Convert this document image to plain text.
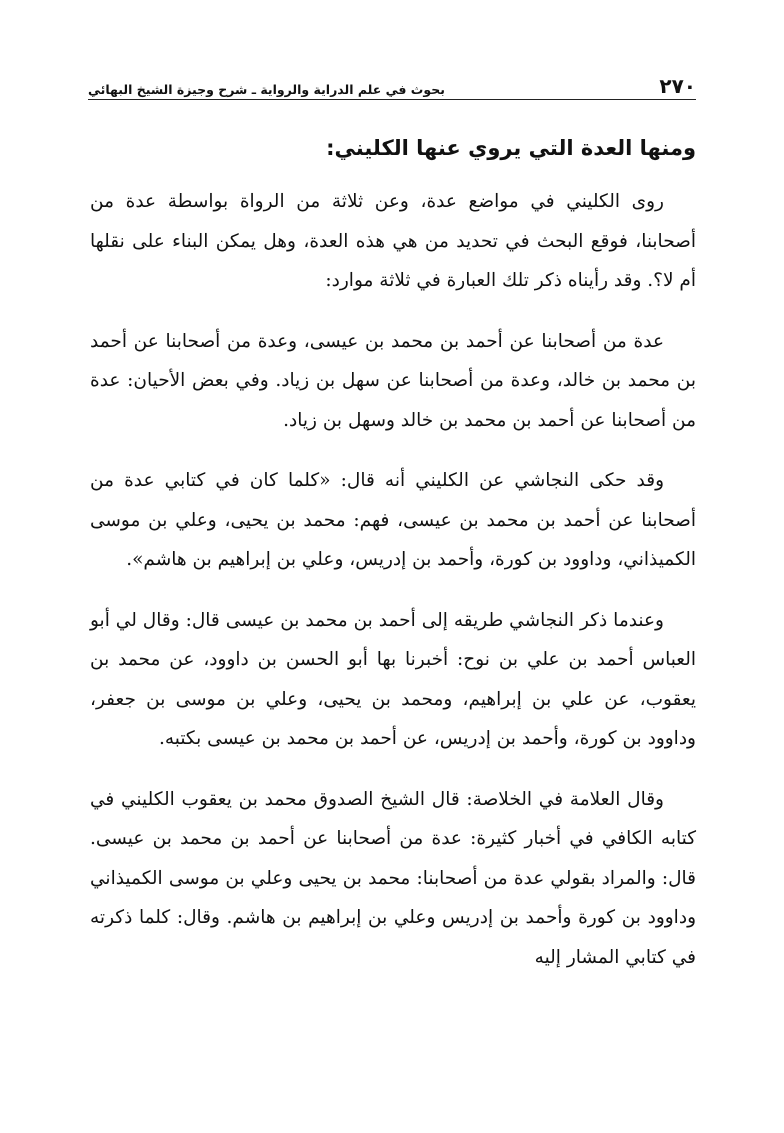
٢٧٠
بحوث في علم الدراية والرواية ـ شرح وجيزة الشيخ البهائي
ومنها العدة التي يروي عنها الكليني:

روى الكليني في مواضع عدة، وعن ثلاثة من الرواة بواسطة عدة من أصحابنا، فوقع البحث في تحديد من هي هذه العدة، وهل يمكن البناء على نقلها أم لا؟. وقد رأيناه ذكر تلك العبارة في ثلاثة موارد:

عدة من أصحابنا عن أحمد بن محمد بن عيسى، وعدة من أصحابنا عن أحمد بن محمد بن خالد، وعدة من أصحابنا عن سهل بن زياد. وفي بعض الأحيان: عدة من أصحابنا عن أحمد بن محمد بن خالد وسهل بن زياد.

وقد حكى النجاشي عن الكليني أنه قال: «كلما كان في كتابي عدة من أصحابنا عن أحمد بن محمد بن عيسى، فهم: محمد بن يحيى، وعلي بن موسى الكميذاني، وداوود بن كورة، وأحمد بن إدريس، وعلي بن إبراهيم بن هاشم».

وعندما ذكر النجاشي طريقه إلى أحمد بن محمد بن عيسى قال: وقال لي أبو العباس أحمد بن علي بن نوح: أخبرنا بها أبو الحسن بن داوود، عن محمد بن يعقوب، عن علي بن إبراهيم، ومحمد بن يحيى، وعلي بن موسى بن جعفر، وداوود بن كورة، وأحمد بن إدريس، عن أحمد بن محمد بن عيسى بكتبه.

وقال العلامة في الخلاصة: قال الشيخ الصدوق محمد بن يعقوب الكليني في كتابه الكافي في أخبار كثيرة: عدة من أصحابنا عن أحمد بن محمد بن عيسى. قال: والمراد بقولي عدة من أصحابنا: محمد بن يحيى وعلي بن موسى الكميذاني وداوود بن كورة وأحمد بن إدريس وعلي بن إبراهيم بن هاشم. وقال: كلما ذكرته في كتابي المشار إليه
